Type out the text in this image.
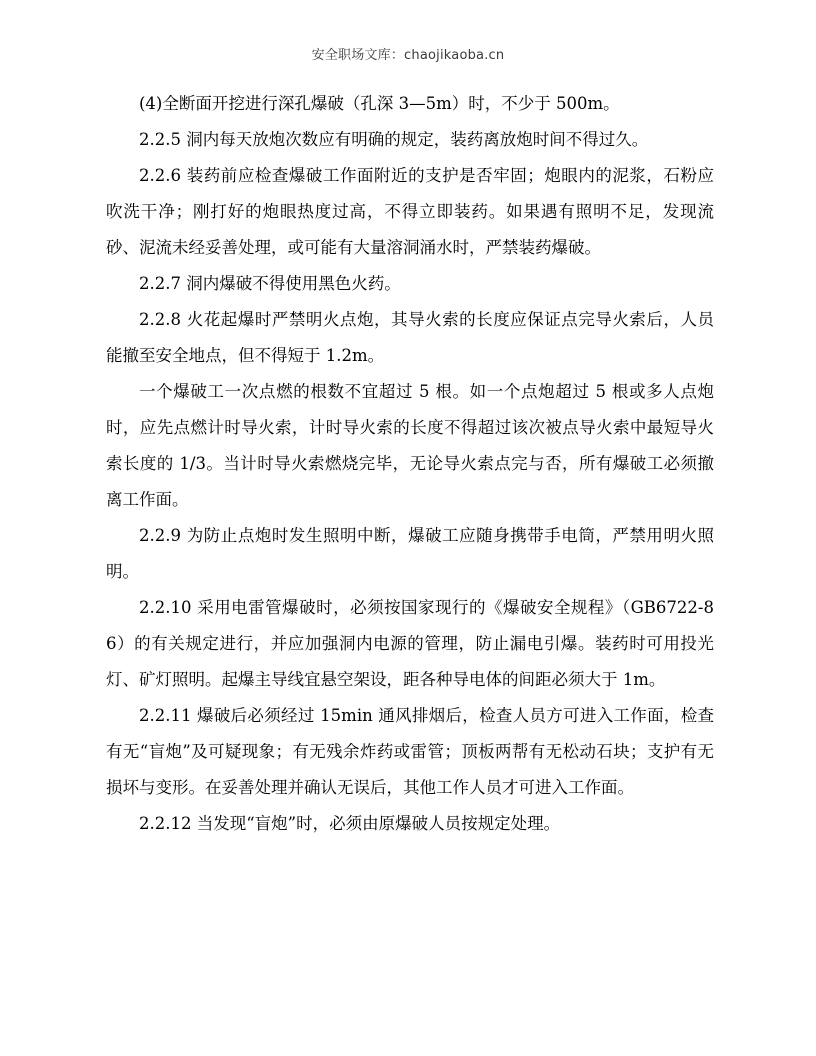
安全职场文库：chaojikaoba.cn

(4)全断面开挖进行深孔爆破（孔深 3—5m）时，不少于 500m。

2.2.5 洞内每天放炮次数应有明确的规定，装药离放炮时间不得过久。

2.2.6 装药前应检查爆破工作面附近的支护是否牢固；炮眼内的泥浆，石粉应吹洗干净；刚打好的炮眼热度过高，不得立即装药。如果遇有照明不足，发现流砂、泥流未经妥善处理，或可能有大量溶洞涌水时，严禁装药爆破。

2.2.7 洞内爆破不得使用黑色火药。

2.2.8 火花起爆时严禁明火点炮，其导火索的长度应保证点完导火索后，人员能撤至安全地点，但不得短于 1.2m。

一个爆破工一次点燃的根数不宜超过 5 根。如一个点炮超过 5 根或多人点炮时，应先点燃计时导火索，计时导火索的长度不得超过该次被点导火索中最短导火索长度的 1/3。当计时导火索燃烧完毕，无论导火索点完与否，所有爆破工必须撤离工作面。

2.2.9 为防止点炮时发生照明中断，爆破工应随身携带手电筒，严禁用明火照明。

2.2.10 采用电雷管爆破时，必须按国家现行的《爆破安全规程》（GB6722-86）的有关规定进行，并应加强洞内电源的管理，防止漏电引爆。装药时可用投光灯、矿灯照明。起爆主导线宜悬空架设，距各种导电体的间距必须大于 1m。

2.2.11 爆破后必须经过 15min 通风排烟后，检查人员方可进入工作面，检查有无“盲炮”及可疑现象；有无残余炸药或雷管；顶板两帮有无松动石块；支护有无损坏与变形。在妥善处理并确认无误后，其他工作人员才可进入工作面。

2.2.12 当发现“盲炮”时，必须由原爆破人员按规定处理。
